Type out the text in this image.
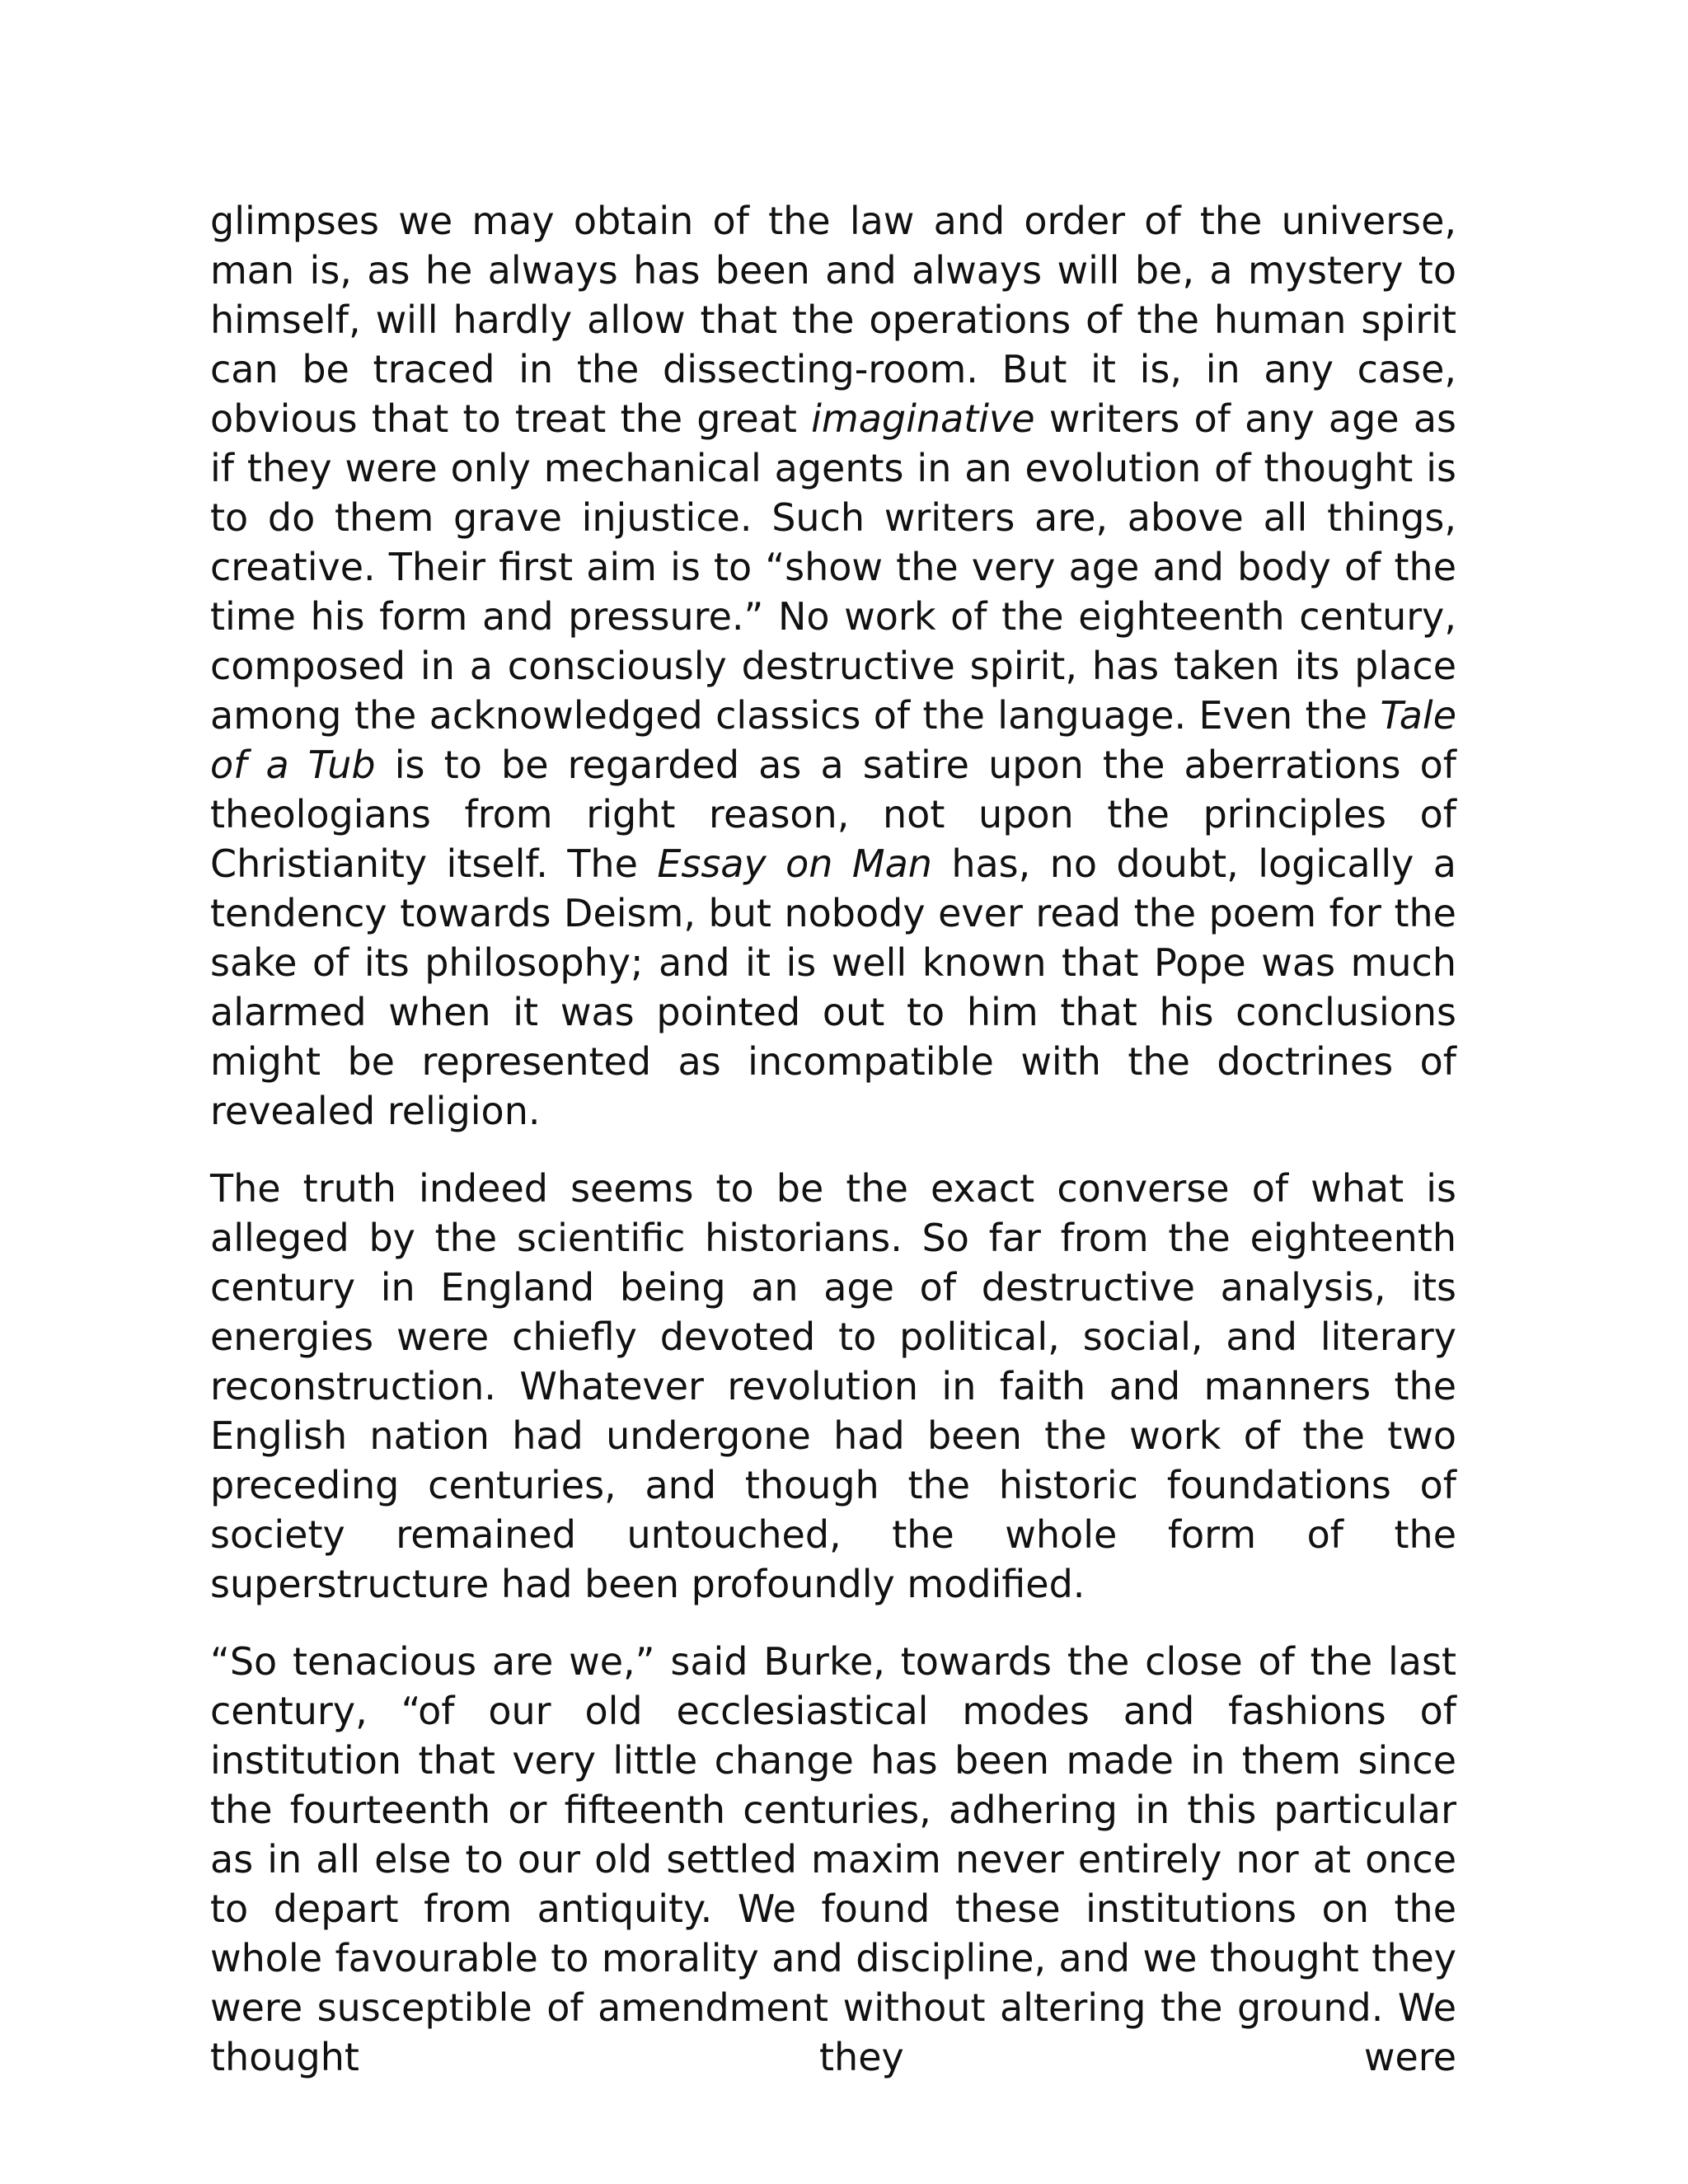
glimpses we may obtain of the law and order of the universe, man is, as he always has been and always will be, a mystery to himself, will hardly allow that the operations of the human spirit can be traced in the dissecting-room. But it is, in any case, obvious that to treat the great imaginative writers of any age as if they were only mechanical agents in an evolution of thought is to do them grave injustice. Such writers are, above all things, creative. Their first aim is to “show the very age and body of the time his form and pressure.” No work of the eighteenth century, composed in a consciously destructive spirit, has taken its place among the acknowledged classics of the language. Even the Tale of a Tub is to be regarded as a satire upon the aberrations of theologians from right reason, not upon the principles of Christianity itself. The Essay on Man has, no doubt, logically a tendency towards Deism, but nobody ever read the poem for the sake of its philosophy; and it is well known that Pope was much alarmed when it was pointed out to him that his conclusions might be represented as incompatible with the doctrines of revealed religion.

The truth indeed seems to be the exact converse of what is alleged by the scientific historians. So far from the eighteenth century in England being an age of destructive analysis, its energies were chiefly devoted to political, social, and literary reconstruction. Whatever revolution in faith and manners the English nation had undergone had been the work of the two preceding centuries, and though the historic foundations of society remained untouched, the whole form of the superstructure had been profoundly modified.

“So tenacious are we,” said Burke, towards the close of the last century, “of our old ecclesiastical modes and fashions of institution that very little change has been made in them since the fourteenth or fifteenth centuries, adhering in this particular as in all else to our old settled maxim never entirely nor at once to depart from antiquity. We found these institutions on the whole favourable to morality and discipline, and we thought they were susceptible of amendment without altering the ground. We thought they were
